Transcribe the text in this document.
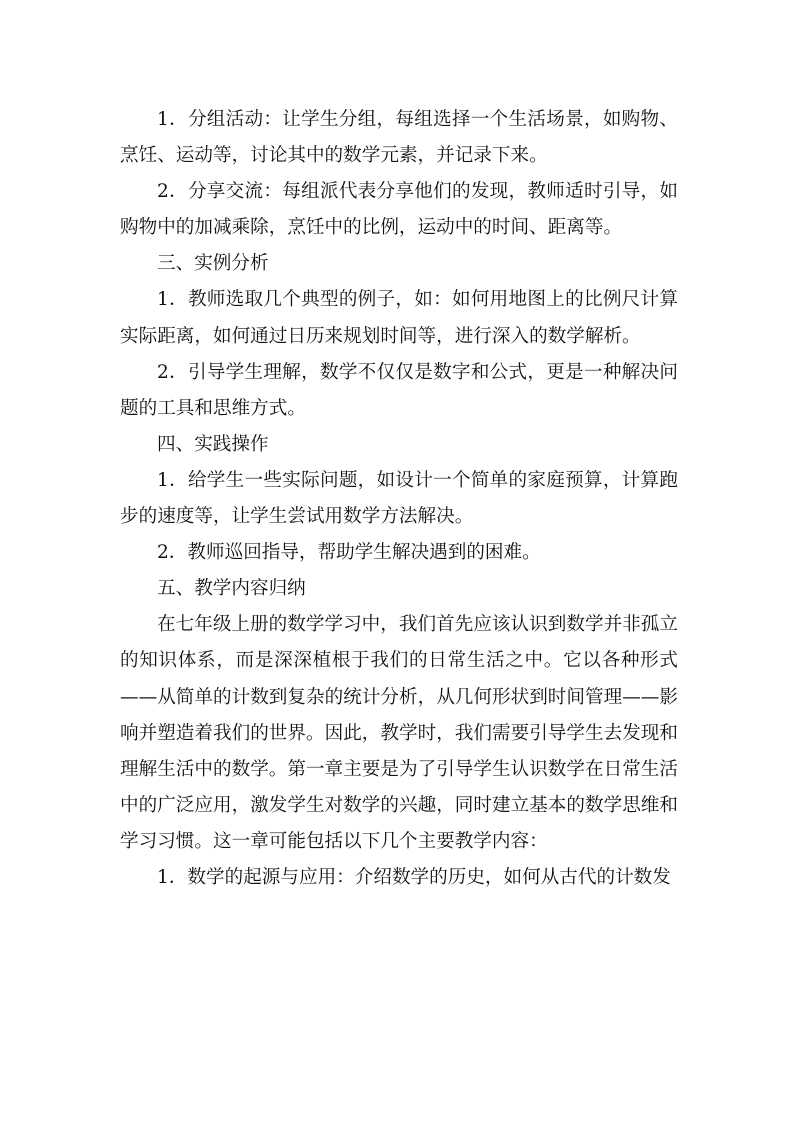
1．分组活动：让学生分组，每组选择一个生活场景，如购物、烹饪、运动等，讨论其中的数学元素，并记录下来。

2．分享交流：每组派代表分享他们的发现，教师适时引导，如购物中的加减乘除，烹饪中的比例，运动中的时间、距离等。

三、实例分析

1．教师选取几个典型的例子，如：如何用地图上的比例尺计算实际距离，如何通过日历来规划时间等，进行深入的数学解析。

2．引导学生理解，数学不仅仅是数字和公式，更是一种解决问题的工具和思维方式。

四、实践操作

1．给学生一些实际问题，如设计一个简单的家庭预算，计算跑步的速度等，让学生尝试用数学方法解决。

2．教师巡回指导，帮助学生解决遇到的困难。

五、教学内容归纳

在七年级上册的数学学习中，我们首先应该认识到数学并非孤立的知识体系，而是深深植根于我们的日常生活之中。它以各种形式——从简单的计数到复杂的统计分析，从几何形状到时间管理——影响并塑造着我们的世界。因此，教学时，我们需要引导学生去发现和理解生活中的数学。第一章主要是为了引导学生认识数学在日常生活中的广泛应用，激发学生对数学的兴趣，同时建立基本的数学思维和学习习惯。这一章可能包括以下几个主要教学内容：

1．数学的起源与应用：介绍数学的历史，如何从古代的计数发
